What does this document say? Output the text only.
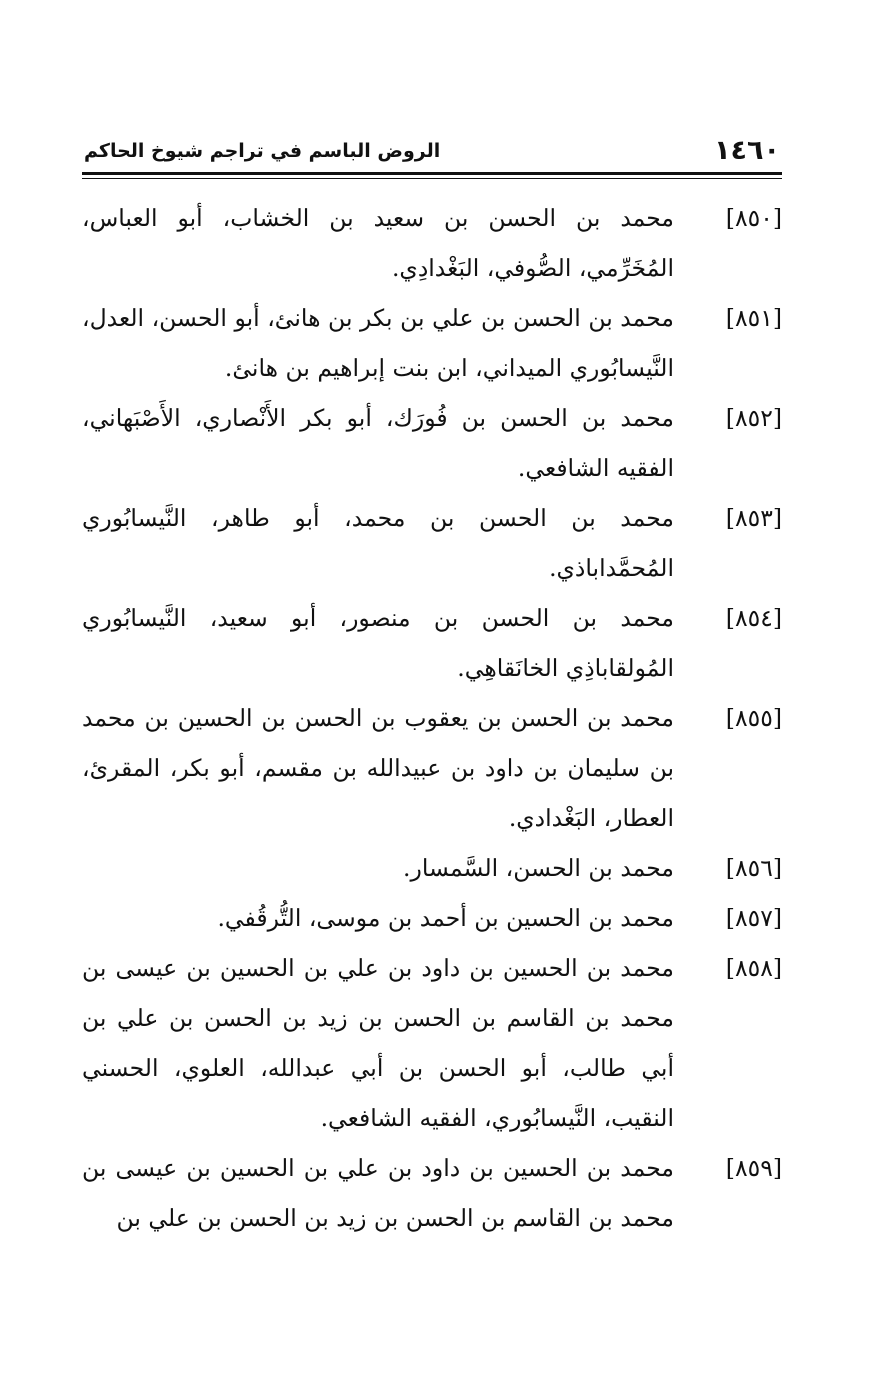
١٤٦٠
الروض الباسم في تراجم شيوخ الحاكم

[٨٥٠]محمد بن الحسن بن سعيد بن الخشاب، أبو العباس، المُخَرِّمي، الصُّوفي، البَغْدادِي.

[٨٥١]محمد بن الحسن بن علي بن بكر بن هانئ، أبو الحسن، العدل، النَّيسابُوري الميداني، ابن بنت إبراهيم بن هانئ.

[٨٥٢]محمد بن الحسن بن فُورَك، أبو بكر الأَنْصاري، الأَصْبَهاني، الفقيه الشافعي.

[٨٥٣]محمد بن الحسن بن محمد، أبو طاهر، النَّيسابُوري المُحمَّداباذي.

[٨٥٤]محمد بن الحسن بن منصور، أبو سعيد، النَّيسابُوري المُولقاباذِي الخانَقاهِي.

[٨٥٥]محمد بن الحسن بن يعقوب بن الحسن بن الحسين بن محمد بن سليمان بن داود بن عبيدالله بن مقسم، أبو بكر، المقرئ، العطار، البَغْدادي.

[٨٥٦]محمد بن الحسن، السَّمسار.

[٨٥٧]محمد بن الحسين بن أحمد بن موسى، التُّرقُفي.

[٨٥٨]محمد بن الحسين بن داود بن علي بن الحسين بن عيسى بن محمد بن القاسم بن الحسن بن زيد بن الحسن بن علي بن أبي طالب، أبو الحسن بن أبي عبدالله، العلوي، الحسني النقيب، النَّيسابُوري، الفقيه الشافعي.

[٨٥٩]محمد بن الحسين بن داود بن علي بن الحسين بن عيسى بن محمد بن القاسم بن الحسن بن زيد بن الحسن بن علي بن
